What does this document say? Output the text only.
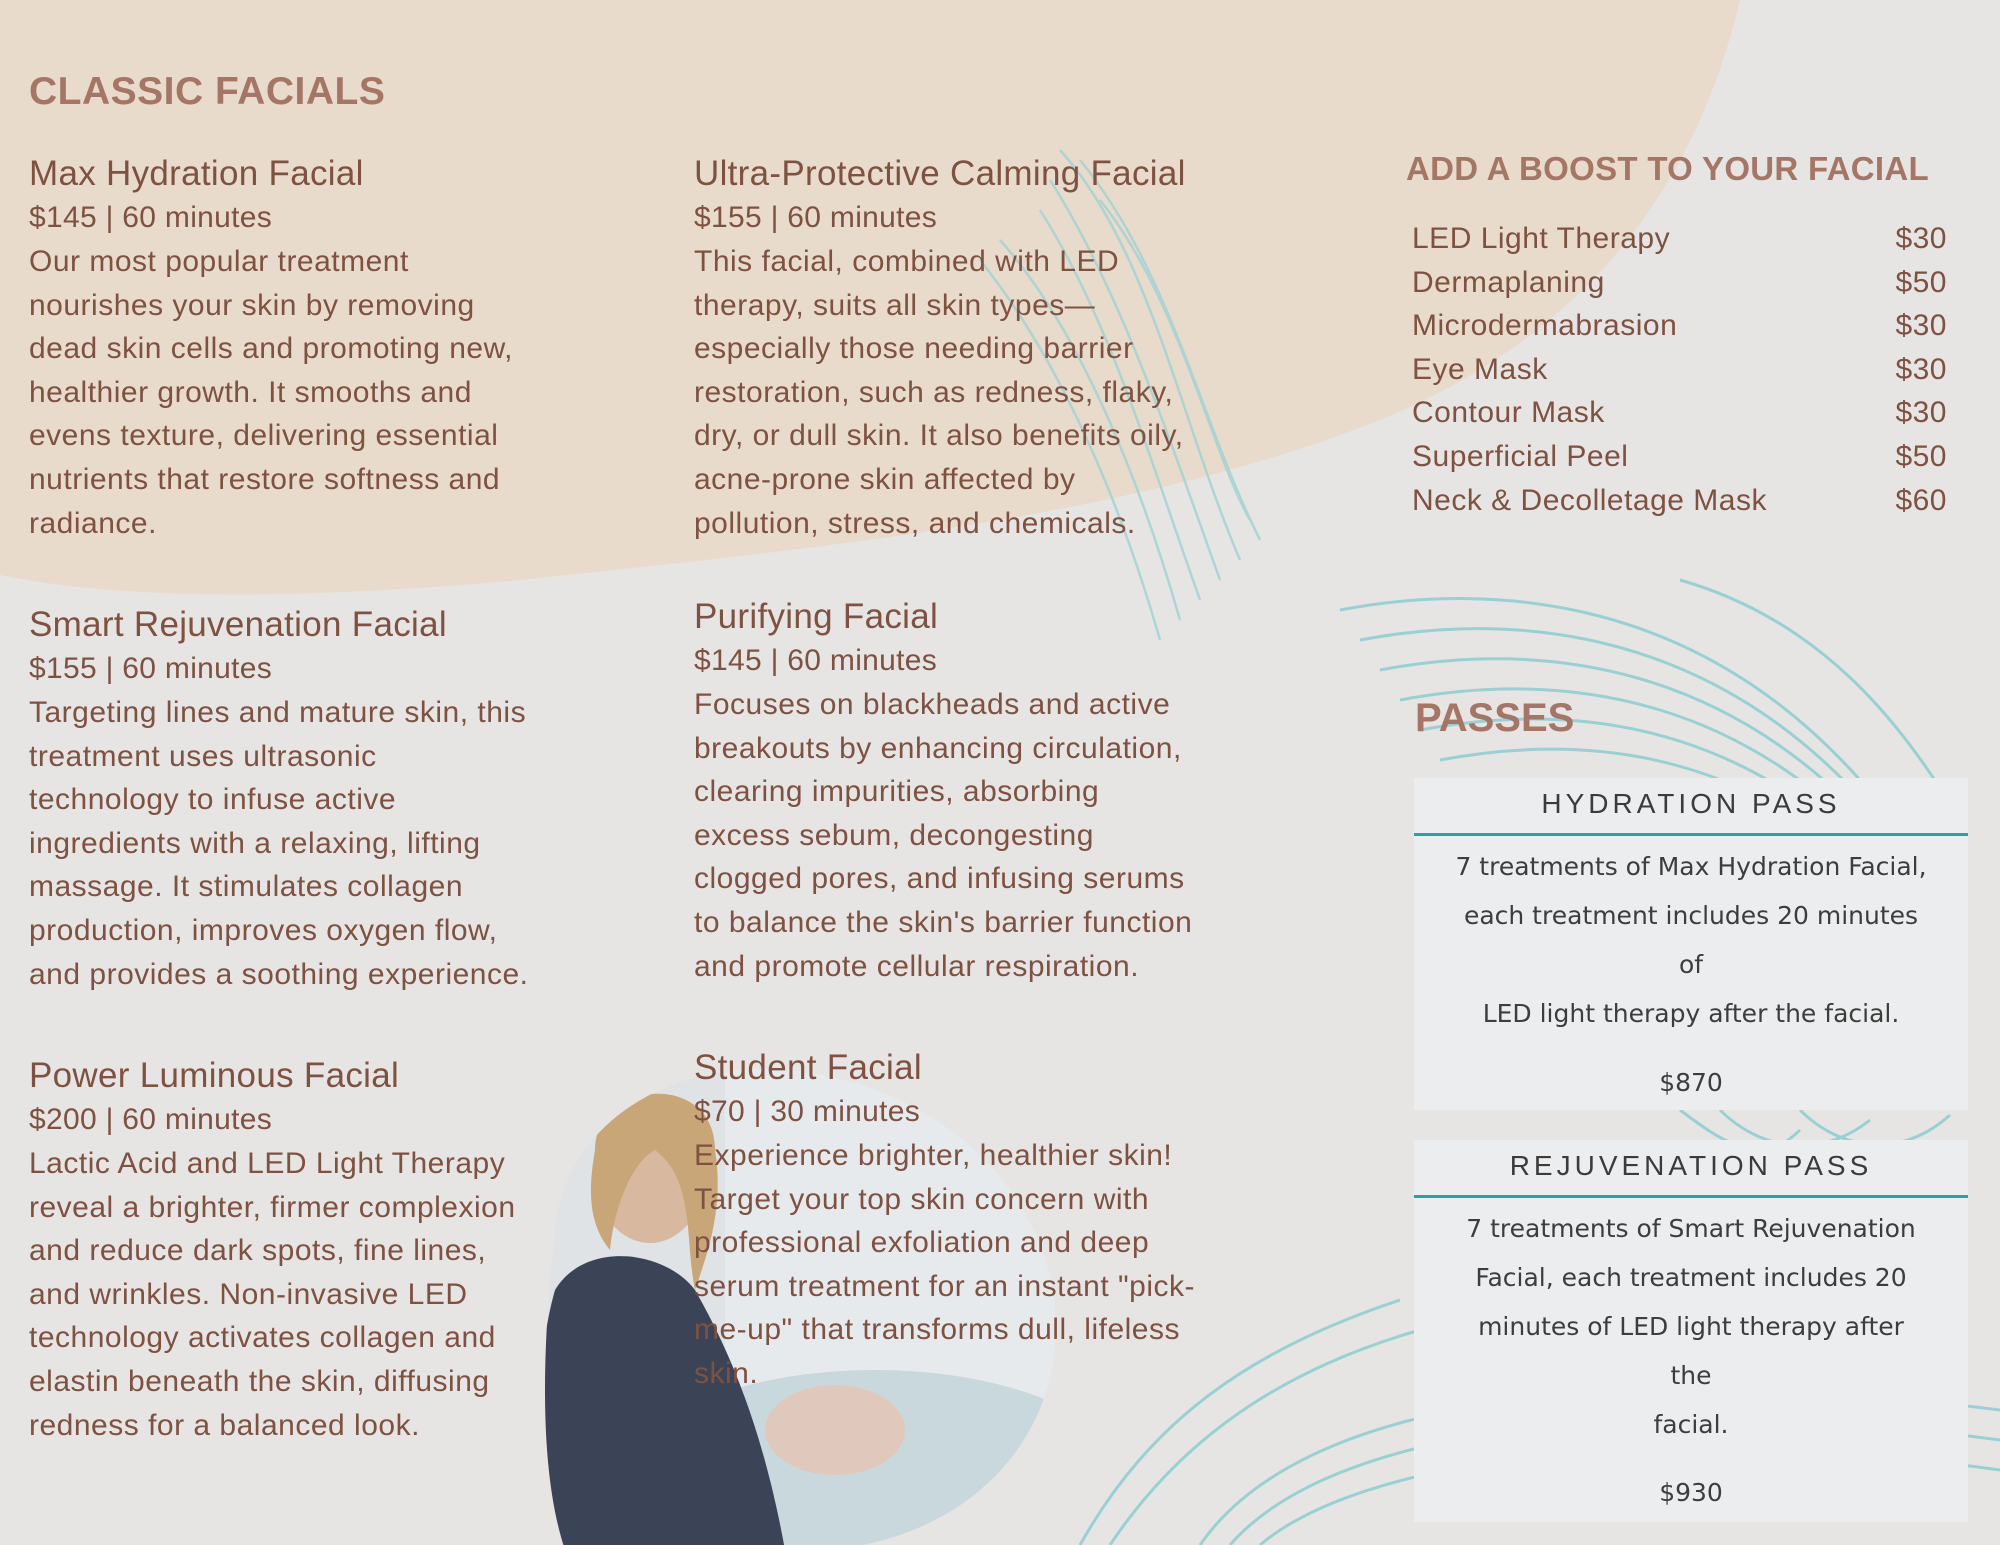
CLASSIC FACIALS
Max Hydration Facial
$145 | 60 minutes
Our most popular treatment
nourishes your skin by removing
dead skin cells and promoting new,
healthier growth. It smooths and
evens texture, delivering essential
nutrients that restore softness and
radiance.
Smart Rejuvenation Facial
$155 | 60 minutes
Targeting lines and mature skin, this
treatment uses ultrasonic
technology to infuse active
ingredients with a relaxing, lifting
massage. It stimulates collagen
production, improves oxygen flow,
and provides a soothing experience.
Power Luminous Facial
$200 | 60 minutes
Lactic Acid and LED Light Therapy
reveal a brighter, firmer complexion
and reduce dark spots, fine lines,
and wrinkles. Non-invasive LED
technology activates collagen and
elastin beneath the skin, diffusing
redness for a balanced look.
Ultra-Protective Calming Facial
$155 | 60 minutes
This facial, combined with LED
therapy, suits all skin types—
especially those needing barrier
restoration, such as redness, flaky,
dry, or dull skin. It also benefits oily,
acne-prone skin affected by
pollution, stress, and chemicals.
Purifying Facial
$145 | 60 minutes
Focuses on blackheads and active
breakouts by enhancing circulation,
clearing impurities, absorbing
excess sebum, decongesting
clogged pores, and infusing serums
to balance the skin's barrier function
and promote cellular respiration.
Student Facial
$70 | 30 minutes
Experience brighter, healthier skin!
Target your top skin concern with
professional exfoliation and deep
serum treatment for an instant "pick-
me-up" that transforms dull, lifeless
skin.
ADD A BOOST TO YOUR FACIAL
LED Light Therapy	$30
Dermaplaning	$50
Microdermabrasion	$30
Eye Mask	$30
Contour Mask	$30
Superficial Peel	$50
Neck & Decolletage Mask	$60
PASSES
HYDRATION PASS
7 treatments of Max Hydration Facial,
each treatment includes 20 minutes of
LED light therapy after the facial.
$870
REJUVENATION PASS
7 treatments of Smart Rejuvenation
Facial, each treatment includes 20
minutes of LED light therapy after the
facial.
$930
